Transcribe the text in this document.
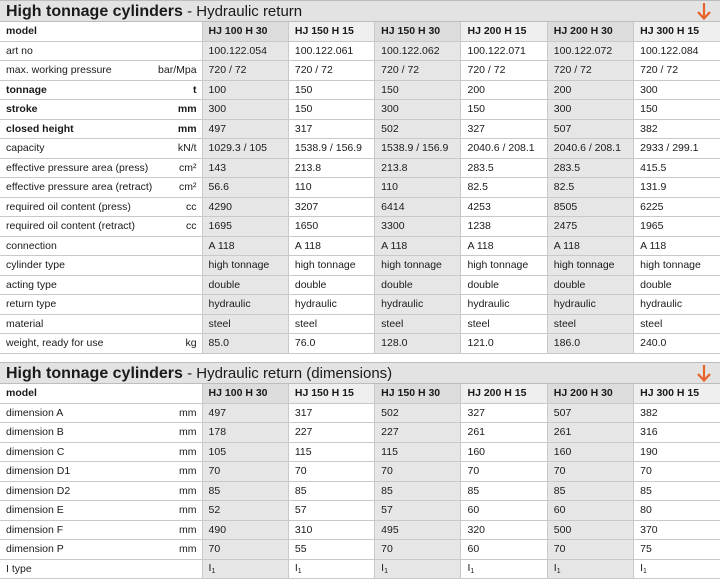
High tonnage cylinders - Hydraulic return
model	HJ 100 H 30	HJ 150 H 15	HJ 150 H 30	HJ 200 H 15	HJ 200 H 30	HJ 300 H 15
art no	100.122.054	100.122.061	100.122.062	100.122.071	100.122.072	100.122.084
max. working pressure bar/Mpa	720 / 72	720 / 72	720 / 72	720 / 72	720 / 72	720 / 72
tonnage t	100	150	150	200	200	300
stroke mm	300	150	300	150	300	150
closed height mm	497	317	502	327	507	382
capacity kN/t	1029.3 / 105	1538.9 / 156.9	1538.9 / 156.9	2040.6 / 208.1	2040.6 / 208.1	2933 / 299.1
effective pressure area (press) cm²	143	213.8	213.8	283.5	283.5	415.5
effective pressure area (retract) cm²	56.6	110	110	82.5	82.5	131.9
required oil content (press) cc	4290	3207	6414	4253	8505	6225
required oil content (retract) cc	1695	1650	3300	1238	2475	1965
connection	A 118	A 118	A 118	A 118	A 118	A 118
cylinder type	high tonnage	high tonnage	high tonnage	high tonnage	high tonnage	high tonnage
acting type	double	double	double	double	double	double
return type	hydraulic	hydraulic	hydraulic	hydraulic	hydraulic	hydraulic
material	steel	steel	steel	steel	steel	steel
weight, ready for use kg	85.0	76.0	128.0	121.0	186.0	240.0
High tonnage cylinders - Hydraulic return (dimensions)
model	HJ 100 H 30	HJ 150 H 15	HJ 150 H 30	HJ 200 H 15	HJ 200 H 30	HJ 300 H 15
dimension A mm	497	317	502	327	507	382
dimension B mm	178	227	227	261	261	316
dimension C mm	105	115	115	160	160	190
dimension D1 mm	70	70	70	70	70	70
dimension D2 mm	85	85	85	85	85	85
dimension E mm	52	57	57	60	60	80
dimension F mm	490	310	495	320	500	370
dimension P mm	70	55	70	60	70	75
I type	I1	I1	I1	I1	I1	I1
